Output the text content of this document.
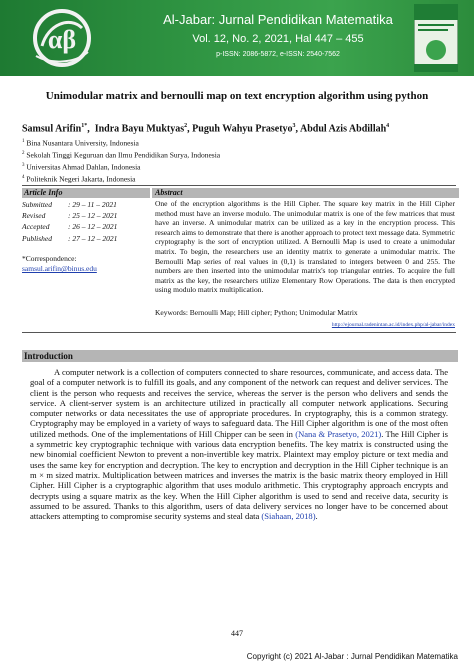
αβ
Al-Jabar: Jurnal Pendidikan Matematika
Vol. 12, No. 2, 2021, Hal 447 – 455
p-ISSN: 2086-5872, e-ISSN: 2540-7562
Unimodular matrix and bernoulli map on text encryption algorithm using python
Samsul Arifin$^{1*}$,  Indra Bayu Muktyas$^2$, Puguh Wahyu Prasetyo$^3$, Abdul Azis Abdillah$^4$
$^1$ Bina Nusantara University, Indonesia
$^2$ Sekolah Tinggi Keguruan dan Ilmu Pendidikan Surya, Indonesia
$^3$ Universitas Ahmad Dahlan, Indonesia
$^4$ Politeknik Negeri Jakarta, Indonesia
Article Info	Abstract
Submitted : 29 – 11 – 2021
Revised	: 25 – 12 – 2021
Accepted : 26 – 12 – 2021
Published : 27 – 12 – 2021
*Correspondence:
samsul.arifin@binus.edu
One of the encryption algorithms is the Hill Cipher. The square key matrix in the Hill Cipher method must have an inverse modulo. The unimodular matrix is one of the few matrices that must have an inverse. A unimodular matrix can be utilized as a key in the encryption process. This research aims to demonstrate that there is another approach to protect text message data. Symmetric cryptography is the sort of encryption utilized. A Bernoulli Map is used to create a unimodular matrix. To begin, the researchers use an identity matrix to generate a unimodular matrix. The Bernoulli Map series of real values in (0,1) is translated to integers between 0 and 255. The numbers are then inserted into the unimodular matrix's top triangular entries. To acquire the full matrix as the key, the researchers utilize Elementary Row Operations. The data is then encrypted using modulo matrix multiplication.
Keywords: Bernoulli Map; Hill cipher; Python; Unimodular Matrix
http://ejournal.radenintan.ac.id/index.php/al-jabar/index
Introduction
A computer network is a collection of computers connected to share resources, communicate, and access data. The goal of a computer network is to fulfill its goals, and any component of the network can request and deliver services. The client is the person who requests and receives the service, whereas the server is the person who delivers and sends the service. A client-server system is an architecture utilized in practically all computer network applications. Securing computer networks or data necessitates the use of appropriate procedures. In cryptography, this is a common strategy. Cryptography may be employed in a variety of ways to safeguard data. The Hill Cipher algorithm is one of the most often utilized methods. One of the implementations of Hill Chipper can be seen in (Nana & Prasetyo, 2021). The Hill Cipher is a symmetric key cryptographic technique with various data encryption benefits. The key matrix is constructed using the new binomial coefficient Newton to prevent a non-invertible key matrix. Plaintext may employ picture or text media and uses the same key for encryption and decryption. The key to encryption and decryption in the Hill Cipher technique is an m × m sized matrix. Multiplication between matrices and inverses the matrix is the basic matrix theory employed in Hill Cipher. Hill Cipher is a cryptographic algorithm that uses modulo arithmetic. This cryptography approach encrypts and decrypts using a square matrix as the key. When the Hill Cipher algorithm is used to send and receive data, security is assumed to be assured. Thanks to this algorithm, users of data delivery services no longer have to be concerned about attackers attempting to compromise security systems and steal data (Siahaan, 2018).
447
Copyright (c) 2021 Al-Jabar : Jurnal Pendidikan Matematika
